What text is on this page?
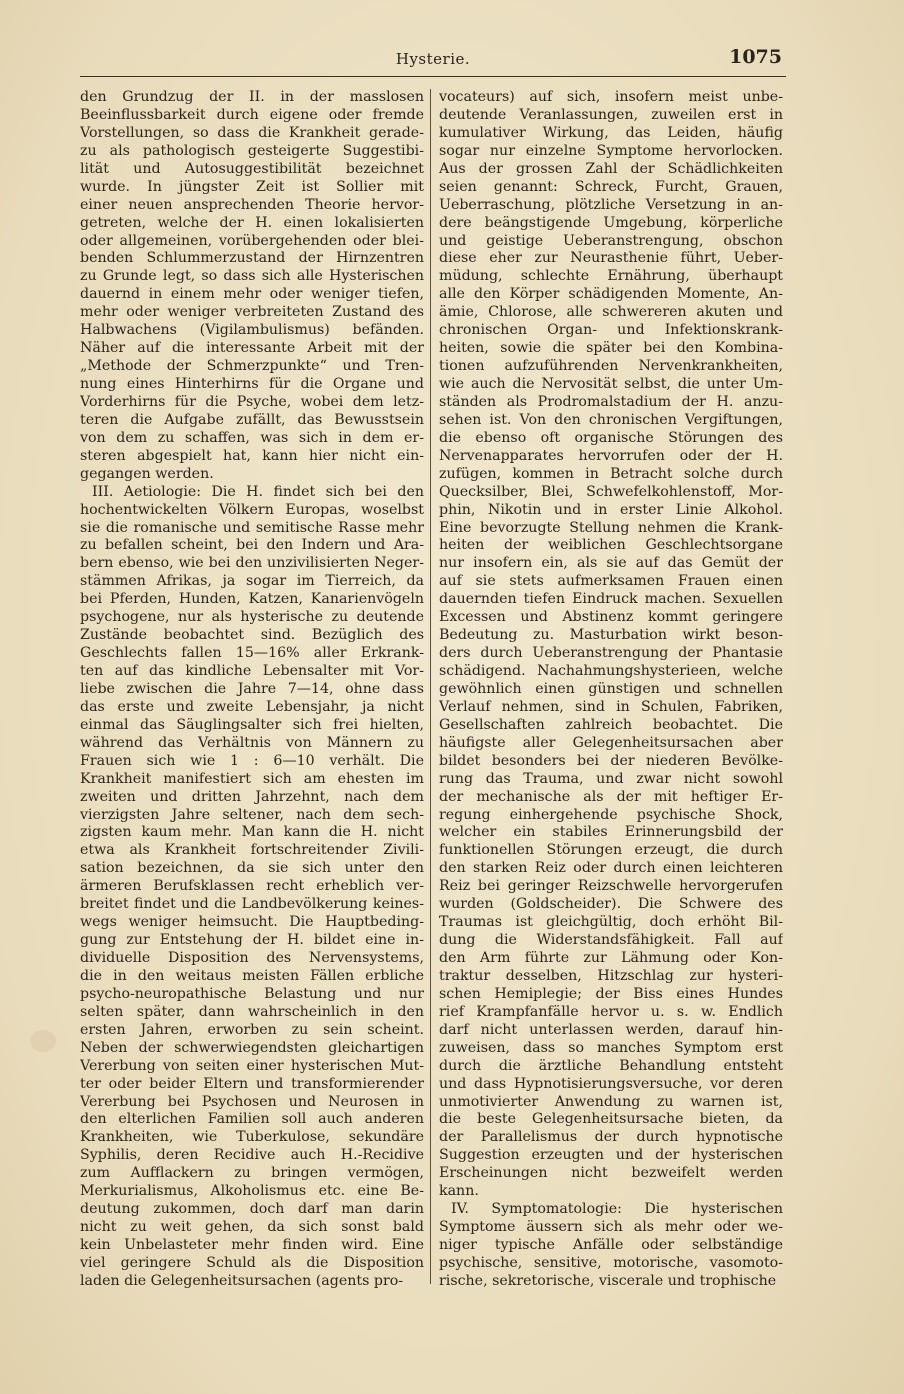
Hysterie.	1075

den Grundzug der II. in der masslosen

Beeinflussbarkeit durch eigene oder fremde

Vorstellungen, so dass die Krankheit gerade-

zu als pathologisch gesteigerte Suggestibi-

lität und Autosuggestibilität bezeichnet

wurde. In jüngster Zeit ist Sollier mit

einer neuen ansprechenden Theorie hervor-

getreten, welche der H. einen lokalisierten

oder allgemeinen, vorübergehenden oder blei-

benden Schlummerzustand der Hirnzentren

zu Grunde legt, so dass sich alle Hysterischen

dauernd in einem mehr oder weniger tiefen,

mehr oder weniger verbreiteten Zustand des

Halbwachens (Vigilambulismus) befänden.

Näher auf die interessante Arbeit mit der

„Methode der Schmerzpunkte“ und Tren-

nung eines Hinterhirns für die Organe und

Vorderhirns für die Psyche, wobei dem letz-

teren die Aufgabe zufällt, das Bewusstsein

von dem zu schaffen, was sich in dem er-

steren abgespielt hat, kann hier nicht ein-

gegangen werden.

III. Aetiologie: Die H. findet sich bei den

hochentwickelten Völkern Europas, woselbst

sie die romanische und semitische Rasse mehr

zu befallen scheint, bei den Indern und Ara-

bern ebenso, wie bei den unzivilisierten Neger-

stämmen Afrikas, ja sogar im Tierreich, da

bei Pferden, Hunden, Katzen, Kanarienvögeln

psychogene, nur als hysterische zu deutende

Zustände beobachtet sind. Bezüglich des

Geschlechts fallen 15—16% aller Erkrank-

ten auf das kindliche Lebensalter mit Vor-

liebe zwischen die Jahre 7—14, ohne dass

das erste und zweite Lebensjahr, ja nicht

einmal das Säuglingsalter sich frei hielten,

während das Verhältnis von Männern zu

Frauen sich wie 1 : 6—10 verhält. Die

Krankheit manifestiert sich am ehesten im

zweiten und dritten Jahrzehnt, nach dem

vierzigsten Jahre seltener, nach dem sech-

zigsten kaum mehr. Man kann die H. nicht

etwa als Krankheit fortschreitender Zivili-

sation bezeichnen, da sie sich unter den

ärmeren Berufsklassen recht erheblich ver-

breitet findet und die Landbevölkerung keines-

wegs weniger heimsucht. Die Hauptbeding-

gung zur Entstehung der H. bildet eine in-

dividuelle Disposition des Nervensystems,

die in den weitaus meisten Fällen erbliche

psycho-neuropathische Belastung und nur

selten später, dann wahrscheinlich in den

ersten Jahren, erworben zu sein scheint.

Neben der schwerwiegendsten gleichartigen

Vererbung von seiten einer hysterischen Mut-

ter oder beider Eltern und transformierender

Vererbung bei Psychosen und Neurosen in

den elterlichen Familien soll auch anderen

Krankheiten, wie Tuberkulose, sekundäre

Syphilis, deren Recidive auch H.-Recidive

zum Aufflackern zu bringen vermögen,

Merkurialismus, Alkoholismus etc. eine Be-

deutung zukommen, doch darf man darin

nicht zu weit gehen, da sich sonst bald

kein Unbelasteter mehr finden wird. Eine

viel geringere Schuld als die Disposition

laden die Gelegenheitsursachen (agents pro-

vocateurs) auf sich, insofern meist unbe-

deutende Veranlassungen, zuweilen erst in

kumulativer Wirkung, das Leiden, häufig

sogar nur einzelne Symptome hervorlocken.

Aus der grossen Zahl der Schädlichkeiten

seien genannt: Schreck, Furcht, Grauen,

Ueberraschung, plötzliche Versetzung in an-

dere beängstigende Umgebung, körperliche

und geistige Ueberanstrengung, obschon

diese eher zur Neurasthenie führt, Ueber-

müdung, schlechte Ernährung, überhaupt

alle den Körper schädigenden Momente, An-

ämie, Chlorose, alle schwereren akuten und

chronischen Organ- und Infektionskrank-

heiten, sowie die später bei den Kombina-

tionen aufzuführenden Nervenkrankheiten,

wie auch die Nervosität selbst, die unter Um-

ständen als Prodromalstadium der H. anzu-

sehen ist. Von den chronischen Vergiftungen,

die ebenso oft organische Störungen des

Nervenapparates hervorrufen oder der H.

zufügen, kommen in Betracht solche durch

Quecksilber, Blei, Schwefelkohlenstoff, Mor-

phin, Nikotin und in erster Linie Alkohol.

Eine bevorzugte Stellung nehmen die Krank-

heiten der weiblichen Geschlechtsorgane

nur insofern ein, als sie auf das Gemüt der

auf sie stets aufmerksamen Frauen einen

dauernden tiefen Eindruck machen. Sexuellen

Excessen und Abstinenz kommt geringere

Bedeutung zu. Masturbation wirkt beson-

ders durch Ueberanstrengung der Phantasie

schädigend. Nachahmungshysterieen, welche

gewöhnlich einen günstigen und schnellen

Verlauf nehmen, sind in Schulen, Fabriken,

Gesellschaften zahlreich beobachtet. Die

häufigste aller Gelegenheitsursachen aber

bildet besonders bei der niederen Bevölke-

rung das Trauma, und zwar nicht sowohl

der mechanische als der mit heftiger Er-

regung einhergehende psychische Shock,

welcher ein stabiles Erinnerungsbild der

funktionellen Störungen erzeugt, die durch

den starken Reiz oder durch einen leichteren

Reiz bei geringer Reizschwelle hervorgerufen

wurden (Goldscheider). Die Schwere des

Traumas ist gleichgültig, doch erhöht Bil-

dung die Widerstandsfähigkeit. Fall auf

den Arm führte zur Lähmung oder Kon-

traktur desselben, Hitzschlag zur hysteri-

schen Hemiplegie; der Biss eines Hundes

rief Krampfanfälle hervor u. s. w. Endlich

darf nicht unterlassen werden, darauf hin-

zuweisen, dass so manches Symptom erst

durch die ärztliche Behandlung entsteht

und dass Hypnotisierungsversuche, vor deren

unmotivierter Anwendung zu warnen ist,

die beste Gelegenheitsursache bieten, da

der Parallelismus der durch hypnotische

Suggestion erzeugten und der hysterischen

Erscheinungen nicht bezweifelt werden

kann.

IV. Symptomatologie: Die hysterischen

Symptome äussern sich als mehr oder we-

niger typische Anfälle oder selbständige

psychische, sensitive, motorische, vasomoto-

rische, sekretorische, viscerale und trophische
